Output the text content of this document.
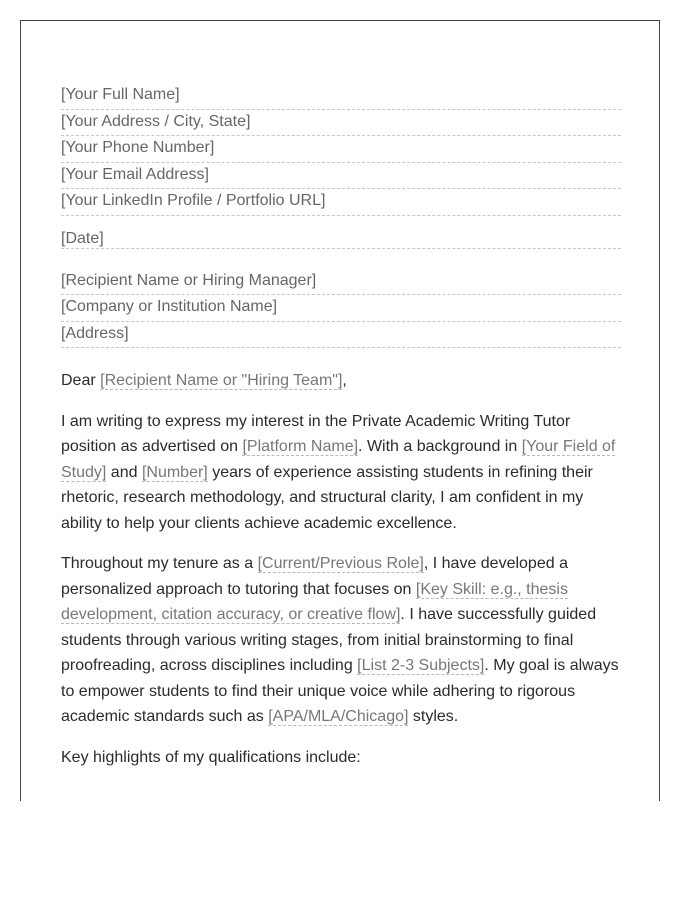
[Your Full Name]
[Your Address / City, State]
[Your Phone Number]
[Your Email Address]
[Your LinkedIn Profile / Portfolio URL]
[Date]
[Recipient Name or Hiring Manager]
[Company or Institution Name]
[Address]
Dear [Recipient Name or "Hiring Team"],
I am writing to express my interest in the Private Academic Writing Tutor position as advertised on [Platform Name]. With a background in [Your Field of Study] and [Number] years of experience assisting students in refining their rhetoric, research methodology, and structural clarity, I am confident in my ability to help your clients achieve academic excellence.
Throughout my tenure as a [Current/Previous Role], I have developed a personalized approach to tutoring that focuses on [Key Skill: e.g., thesis development, citation accuracy, or creative flow]. I have successfully guided students through various writing stages, from initial brainstorming to final proofreading, across disciplines including [List 2-3 Subjects]. My goal is always to empower students to find their unique voice while adhering to rigorous academic standards such as [APA/MLA/Chicago] styles.
Key highlights of my qualifications include:
